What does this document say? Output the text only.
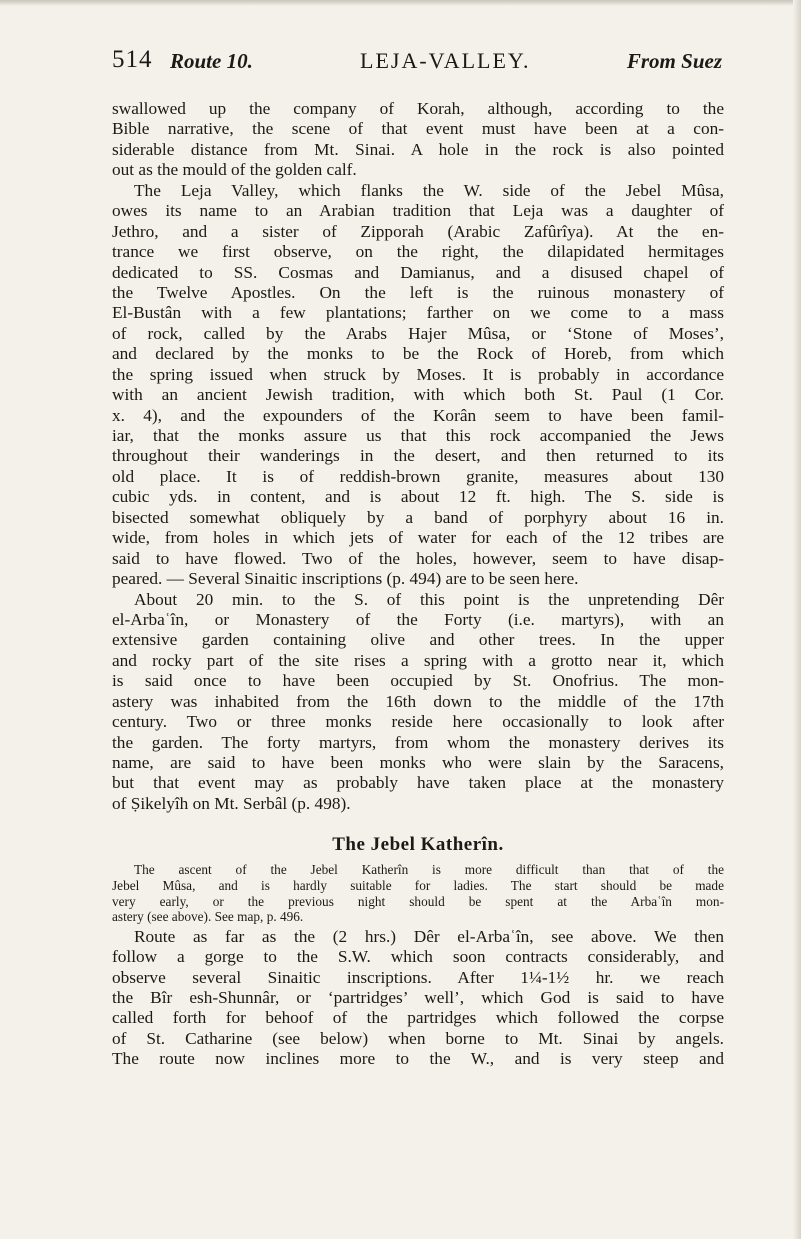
514 Route 10.	LEJA-VALLEY.	From Suez
swallowed up the company of Korah, although, according to the
Bible narrative, the scene of that event must have been at a con-
siderable distance from Mt. Sinai. A hole in the rock is also pointed
out as the mould of the golden calf.
The Leja Valley, which flanks the W. side of the Jebel Mûsa,
owes its name to an Arabian tradition that Leja was a daughter of
Jethro, and a sister of Zipporah (Arabic Zafûrîya). At the en-
trance we first observe, on the right, the dilapidated hermitages
dedicated to SS. Cosmas and Damianus, and a disused chapel of
the Twelve Apostles. On the left is the ruinous monastery of
El-Bustân with a few plantations; farther on we come to a mass
of rock, called by the Arabs Hajer Mûsa, or ‘Stone of Moses’,
and declared by the monks to be the Rock of Horeb, from which
the spring issued when struck by Moses. It is probably in accordance
with an ancient Jewish tradition, with which both St. Paul (1 Cor.
x. 4), and the expounders of the Korân seem to have been famil-
iar, that the monks assure us that this rock accompanied the Jews
throughout their wanderings in the desert, and then returned to its
old place. It is of reddish-brown granite, measures about 130
cubic yds. in content, and is about 12 ft. high. The S. side is
bisected somewhat obliquely by a band of porphyry about 16 in.
wide, from holes in which jets of water for each of the 12 tribes are
said to have flowed. Two of the holes, however, seem to have disap-
peared. — Several Sinaitic inscriptions (p. 494) are to be seen here.
About 20 min. to the S. of this point is the unpretending Dêr
el-Arbaʿîn, or Monastery of the Forty (i.e. martyrs), with an
extensive garden containing olive and other trees. In the upper
and rocky part of the site rises a spring with a grotto near it, which
is said once to have been occupied by St. Onofrius. The mon-
astery was inhabited from the 16th down to the middle of the 17th
century. Two or three monks reside here occasionally to look after
the garden. The forty martyrs, from whom the monastery derives its
name, are said to have been monks who were slain by the Saracens,
but that event may as probably have taken place at the monastery
of Ṣikelyîh on Mt. Serbâl (p. 498).
The Jebel Katherîn.
The ascent of the Jebel Katherîn is more difficult than that of the
Jebel Mûsa, and is hardly suitable for ladies. The start should be made
very early, or the previous night should be spent at the Arbaʿîn mon-
astery (see above). See map, p. 496.
Route as far as the (2 hrs.) Dêr el-Arbaʿîn, see above. We then
follow a gorge to the S.W. which soon contracts considerably, and
observe several Sinaitic inscriptions. After 1¼-1½ hr. we reach
the Bîr esh-Shunnâr, or ‘partridges’ well’, which God is said to have
called forth for behoof of the partridges which followed the corpse
of St. Catharine (see below) when borne to Mt. Sinai by angels.
The route now inclines more to the W., and is very steep and
